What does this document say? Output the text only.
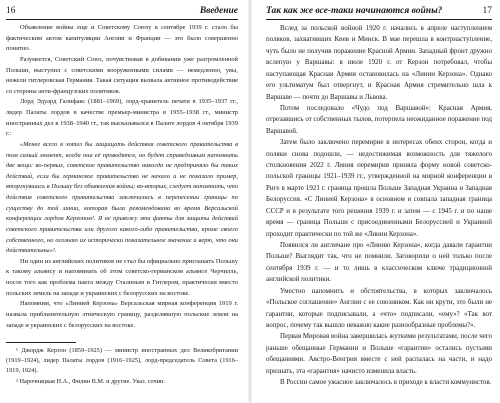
16	Введение

Объявление войны еще и Советскому Союзу в сентябре 1939 г. стало бы фактическим актом капитуляции Англии и Франции — это было совершенно понятно.

Разумеется, Советский Союз, почувствовав в добивании уже разгромленной Польши, выступил с советскими вооруженными силами — немедленно, увы, нежели гитлеровская Германия. Такая ситуация вызвала активное противодействие со стороны анти-французских политиков.

Лорд Эдуард Галифакс (1881–1969), лорд-хранитель печати в 1935–1937 гг., лидер Палаты лордов в качестве премьер-министра в 1955–1938 гг., министр иностранных дел в 1938–1940 гг., так высказывался в Палате лордов 4 октября 1939 г.:

«Менее всего я хотел бы защищать действия советского правительства в том самый момент, когда они её проводятся, но будет справедливым напомнить две вещи: во-первых, советское правительство никогда не предприняло бы таких действий, если бы германское правительство не начало и не показало пример, вторгнувшись в Польшу без объявления войны; во-вторых, следует напомнить, что действия советского правительства заключались в перенесении границы по существу до той линии, которая была рекомендована во время Версальской конференции лордом Керзоном¹. Я не привожу эти факты для защиты действий советского правительства или другого какого-либо правительства, кроме своего собственного, но осознаю их исторически показательное значение и верю, что они действительны»².

Ни один из английских политиков не стал бы официально приглашать Польшу к такому альянсу и напоминать об этом советско-германском альянсе Черчилль, после того как проблема пакта между Сталиным и Гитлером, практически вместо польских земель на западе и украинских с белорусских на востоке.

Напомним, что «Линией Керзона» Версальская мирная конференция 1919 г. назвала приблизительную этническую границу, разделявшую польские земли на западе и украинских с белорусских на востоке.

¹ Джордж Керзон (1859–1925) — министр иностранных дел Великобритании (1919–1924), лидер Палаты лордов (1916–1925), лорд-председатель Совета (1916–1919, 1924).

² Нарочницкая Н.А., Филин В.М. и другие. Указ. сочин.

Так как же все-таки начинаются войны?	17

Вслед за польской войной 1920 г. начались в апреле наступлением поляков, захвативших Киев и Минск. В мае перешла в контрнаступление, чуть было не получив поражение Красной Армии. Западный фронт дружно вслепую у Варшавы: в июле 1920 г. от Керзон потребовал, чтобы наступающая Красная Армия остановилась на «Линии Керзона». Однако его ультиматум был отвергнут, и Красная Армия стремительно шла к Варшаве — почти до Варшавы и Львова.

Потом последовало «Чудо под Варшавой»: Красная Армия, отрезавшись от собственных тылов, потерпела неожиданное поражение под Варшавой.

Затем было заключено перемирие в интересах обеих сторон, когда и поляки снова подошли, — недостижимая возможность для тяжелого столкновения 2022 г. Линия перемирия приняла форму новой советско-польской границы 1921–1939 гг., утвержденной на мирной конференции в Риге в марте 1921 г. граница прошла Польше Западная Украина и Западная Белоруссия. «С Линией Керзона» в основном и совпала западная граница СССР и в результате того решения 1939 г. и затем — с 1945 г. и по наше время — граница Польши с присоединенными Белоруссией и Украиной проходит практически по той же «Линии Керзона».

Появился ли англичане про «Линию Керзона», когда давали гарантии Польше? Выглядит так, что не помнили. Заговорили о ней только после сентября 1939 г. — и то лишь в классическом ключе традиционной английской политики.

Уместно напомнить и обстоятельства, в которых заключалось «Польское соглашение» Англии с ее союзником. Как ни крути, это были не гарантии, которые подписывали, а «что» подписали, «ему»? «Так вот вопрос, почему так вышло неважно какие разнообразные проблемы?».

Первая Мировая война завершилась жуткими результатами, после чего раньше обещанные Германии и Польше «гарантии» остались пустыми обещаниями. Австро-Венгрия вместе с ней распалась на части, и надо признать, эта «гарантия» начисто изменила власть.

В России самое ужасное заключалось в приходе к власти коммунистов.
